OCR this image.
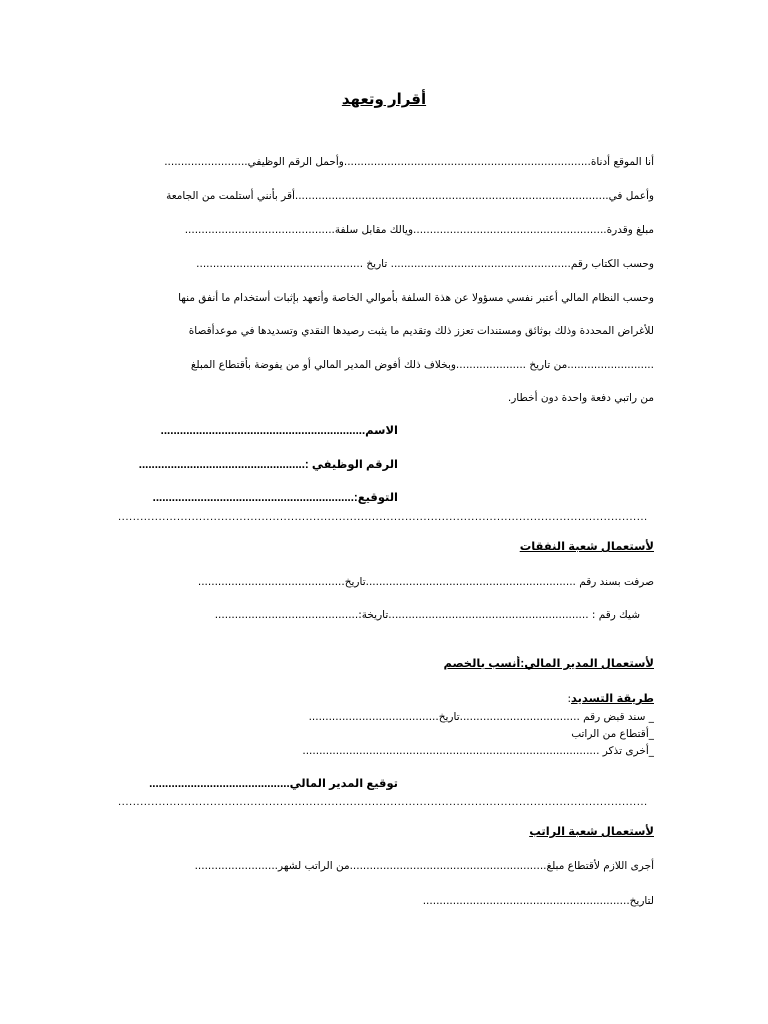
أقرار وتعهد
أنا الموقع أدناة..........................................................................وأحمل الرقم الوظيفي.........................
وأعمل في..............................................................................................أقر بأنني أستلمت من الجامعة
مبلغ وقدرة..........................................................ويالك مقابل سلفة.............................................
وحسب الكتاب رقم...................................................... تاريخ ..................................................
وحسب النظام المالي أعتبر نفسي مسؤولا عن هذة السلفة بأموالي الخاصة وأتعهد بإثبات أستخدام ما أنفق منها
للأغراض المحددة وذلك بوثائق ومستندات تعزز ذلك وتقديم ما يثبت رصيدها النقدي وتسديدها في موعدأقصاة
..........................من تاريخ .....................وبخلاف ذلك أفوض المدير المالي أو من يفوضة بأقتطاع المبلغ
من راتبي دفعة واحدة دون أخطار.
الاسم................................................................
الرقم الوظيفي :....................................................
التوقيع:...............................................................
................................................................................................................................................
لأستعمال شعبة النفقات
صرفت بسند رقم ...............................................................تاريخ............................................
شيك رقم : ............................................................تاريخة:...........................................
لأستعمال المدير المالي:أنسب بالخصم
طريقة التسديد:
_ سند قبض رقم ....................................تاريخ.......................................
_أقتطاع من الراتب
_أخرى تذكر .........................................................................................
توقيع المدير المالي............................................
................................................................................................................................................
لأستعمال شعبة الراتب
أجرى اللازم لأقتطاع مبلغ...........................................................من الراتب لشهر.........................
لتاريخ..............................................................
